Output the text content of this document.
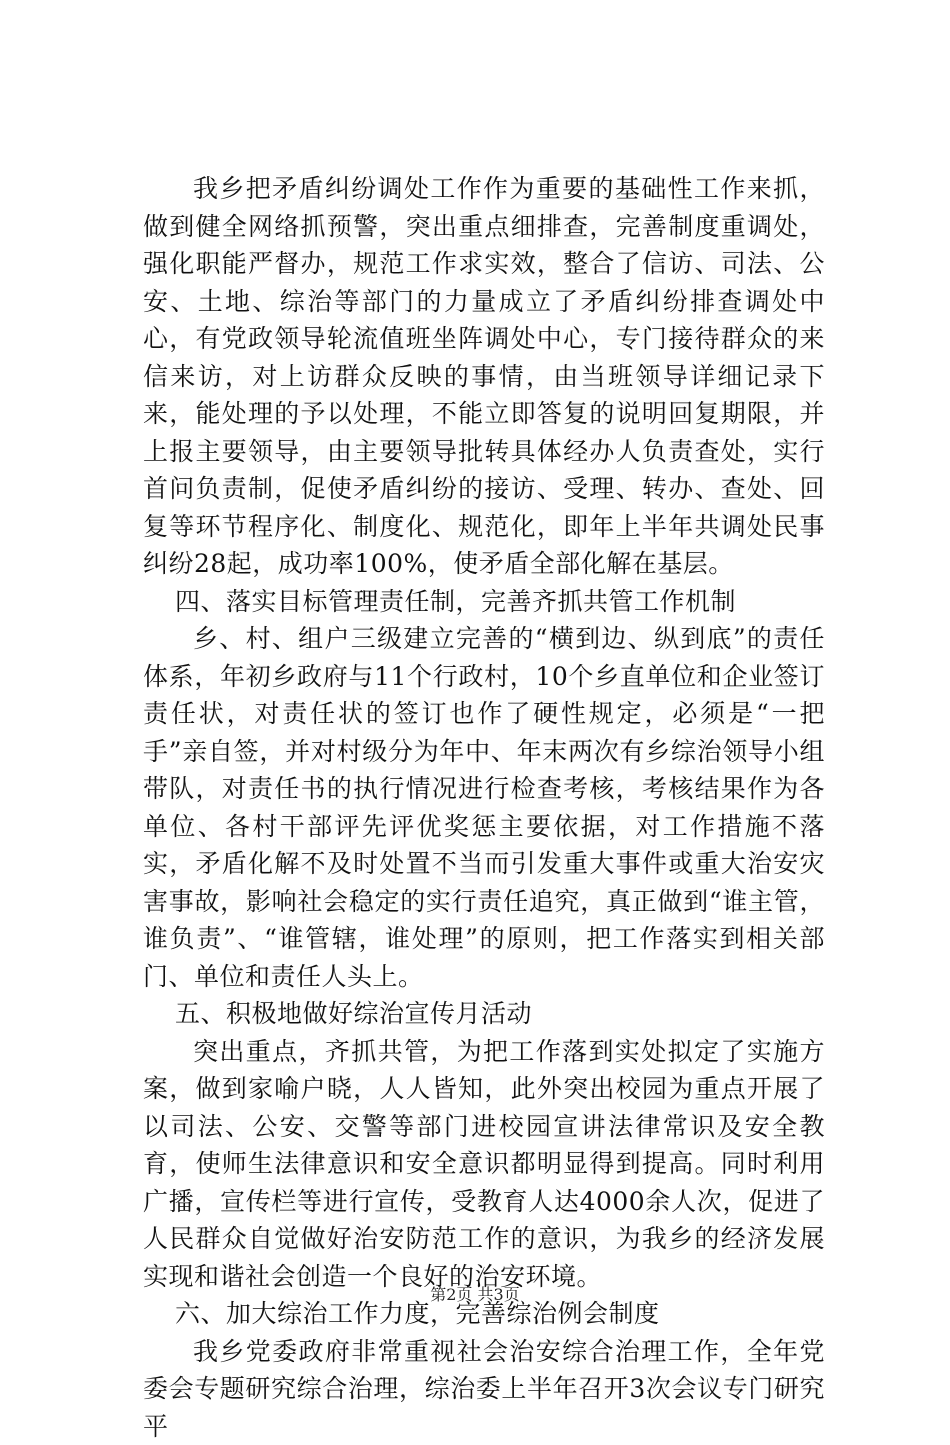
我乡把矛盾纠纷调处工作作为重要的基础性工作来抓，做到健全网络抓预警，突出重点细排查，完善制度重调处，强化职能严督办，规范工作求实效，整合了信访、司法、公安、土地、综治等部门的力量成立了矛盾纠纷排查调处中心，有党政领导轮流值班坐阵调处中心，专门接待群众的来信来访，对上访群众反映的事情，由当班领导详细记录下来，能处理的予以处理，不能立即答复的说明回复期限，并上报主要领导，由主要领导批转具体经办人负责查处，实行首问负责制，促使矛盾纠纷的接访、受理、转办、查处、回复等环节程序化、制度化、规范化，即年上半年共调处民事纠纷28起，成功率100%，使矛盾全部化解在基层。

四、落实目标管理责任制，完善齐抓共管工作机制

乡、村、组户三级建立完善的“横到边、纵到底”的责任体系，年初乡政府与11个行政村，10个乡直单位和企业签订责任状，对责任状的签订也作了硬性规定，必须是“一把手”亲自签，并对村级分为年中、年末两次有乡综治领导小组带队，对责任书的执行情况进行检查考核，考核结果作为各单位、各村干部评先评优奖惩主要依据，对工作措施不落实，矛盾化解不及时处置不当而引发重大事件或重大治安灾害事故，影响社会稳定的实行责任追究，真正做到“谁主管，谁负责”、“谁管辖，谁处理”的原则，把工作落实到相关部门、单位和责任人头上。

五、积极地做好综治宣传月活动

突出重点，齐抓共管，为把工作落到实处拟定了实施方案，做到家喻户晓，人人皆知，此外突出校园为重点开展了以司法、公安、交警等部门进校园宣讲法律常识及安全教育，使师生法律意识和安全意识都明显得到提高。同时利用广播，宣传栏等进行宣传，受教育人达4000余人次，促进了人民群众自觉做好治安防范工作的意识，为我乡的经济发展实现和谐社会创造一个良好的治安环境。

六、加大综治工作力度，完善综治例会制度

我乡党委政府非常重视社会治安综合治理工作，全年党委会专题研究综合治理，综治委上半年召开3次会议专门研究平

第2页 共3页
